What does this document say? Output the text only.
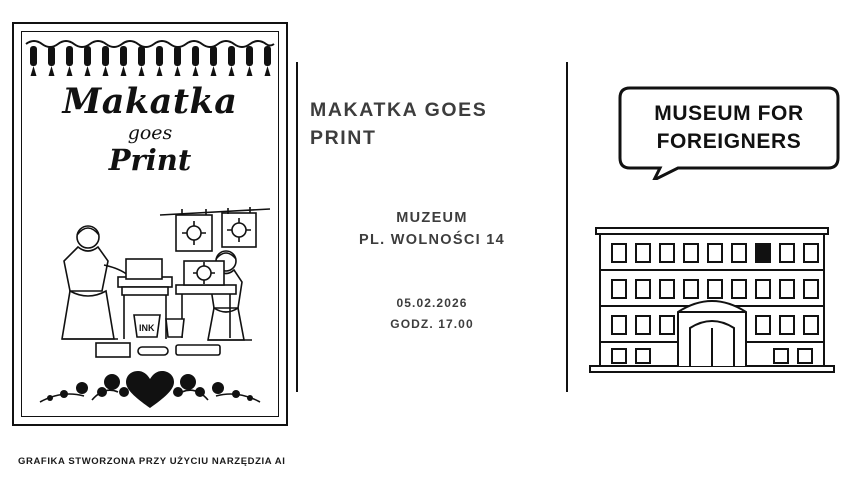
Makatka
goes
Print
INK
GRAFIKA STWORZONA PRZY UŻYCIU NARZĘDZIA AI
MAKATKA GOES PRINT
MUZEUM
PL. WOLNOŚCI 14
05.02.2026
GODZ. 17.00
MUSEUM FOR
FOREIGNERS
